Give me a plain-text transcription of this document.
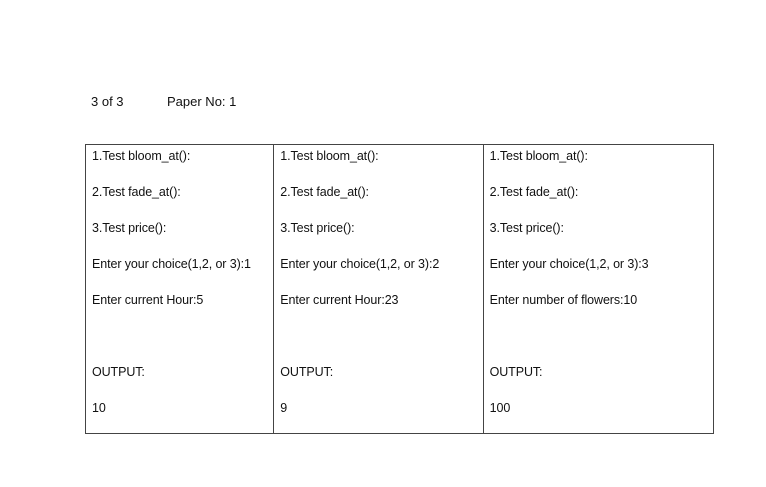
3 of 3	Paper No: 1
1.Test bloom_at():
2.Test fade_at():
3.Test price():
Enter your choice(1,2, or 3):1
Enter current Hour:5
OUTPUT:
10

1.Test bloom_at():
2.Test fade_at():
3.Test price():
Enter your choice(1,2, or 3):2
Enter current Hour:23
OUTPUT:
9

1.Test bloom_at():
2.Test fade_at():
3.Test price():
Enter your choice(1,2, or 3):3
Enter number of flowers:10
OUTPUT:
100
